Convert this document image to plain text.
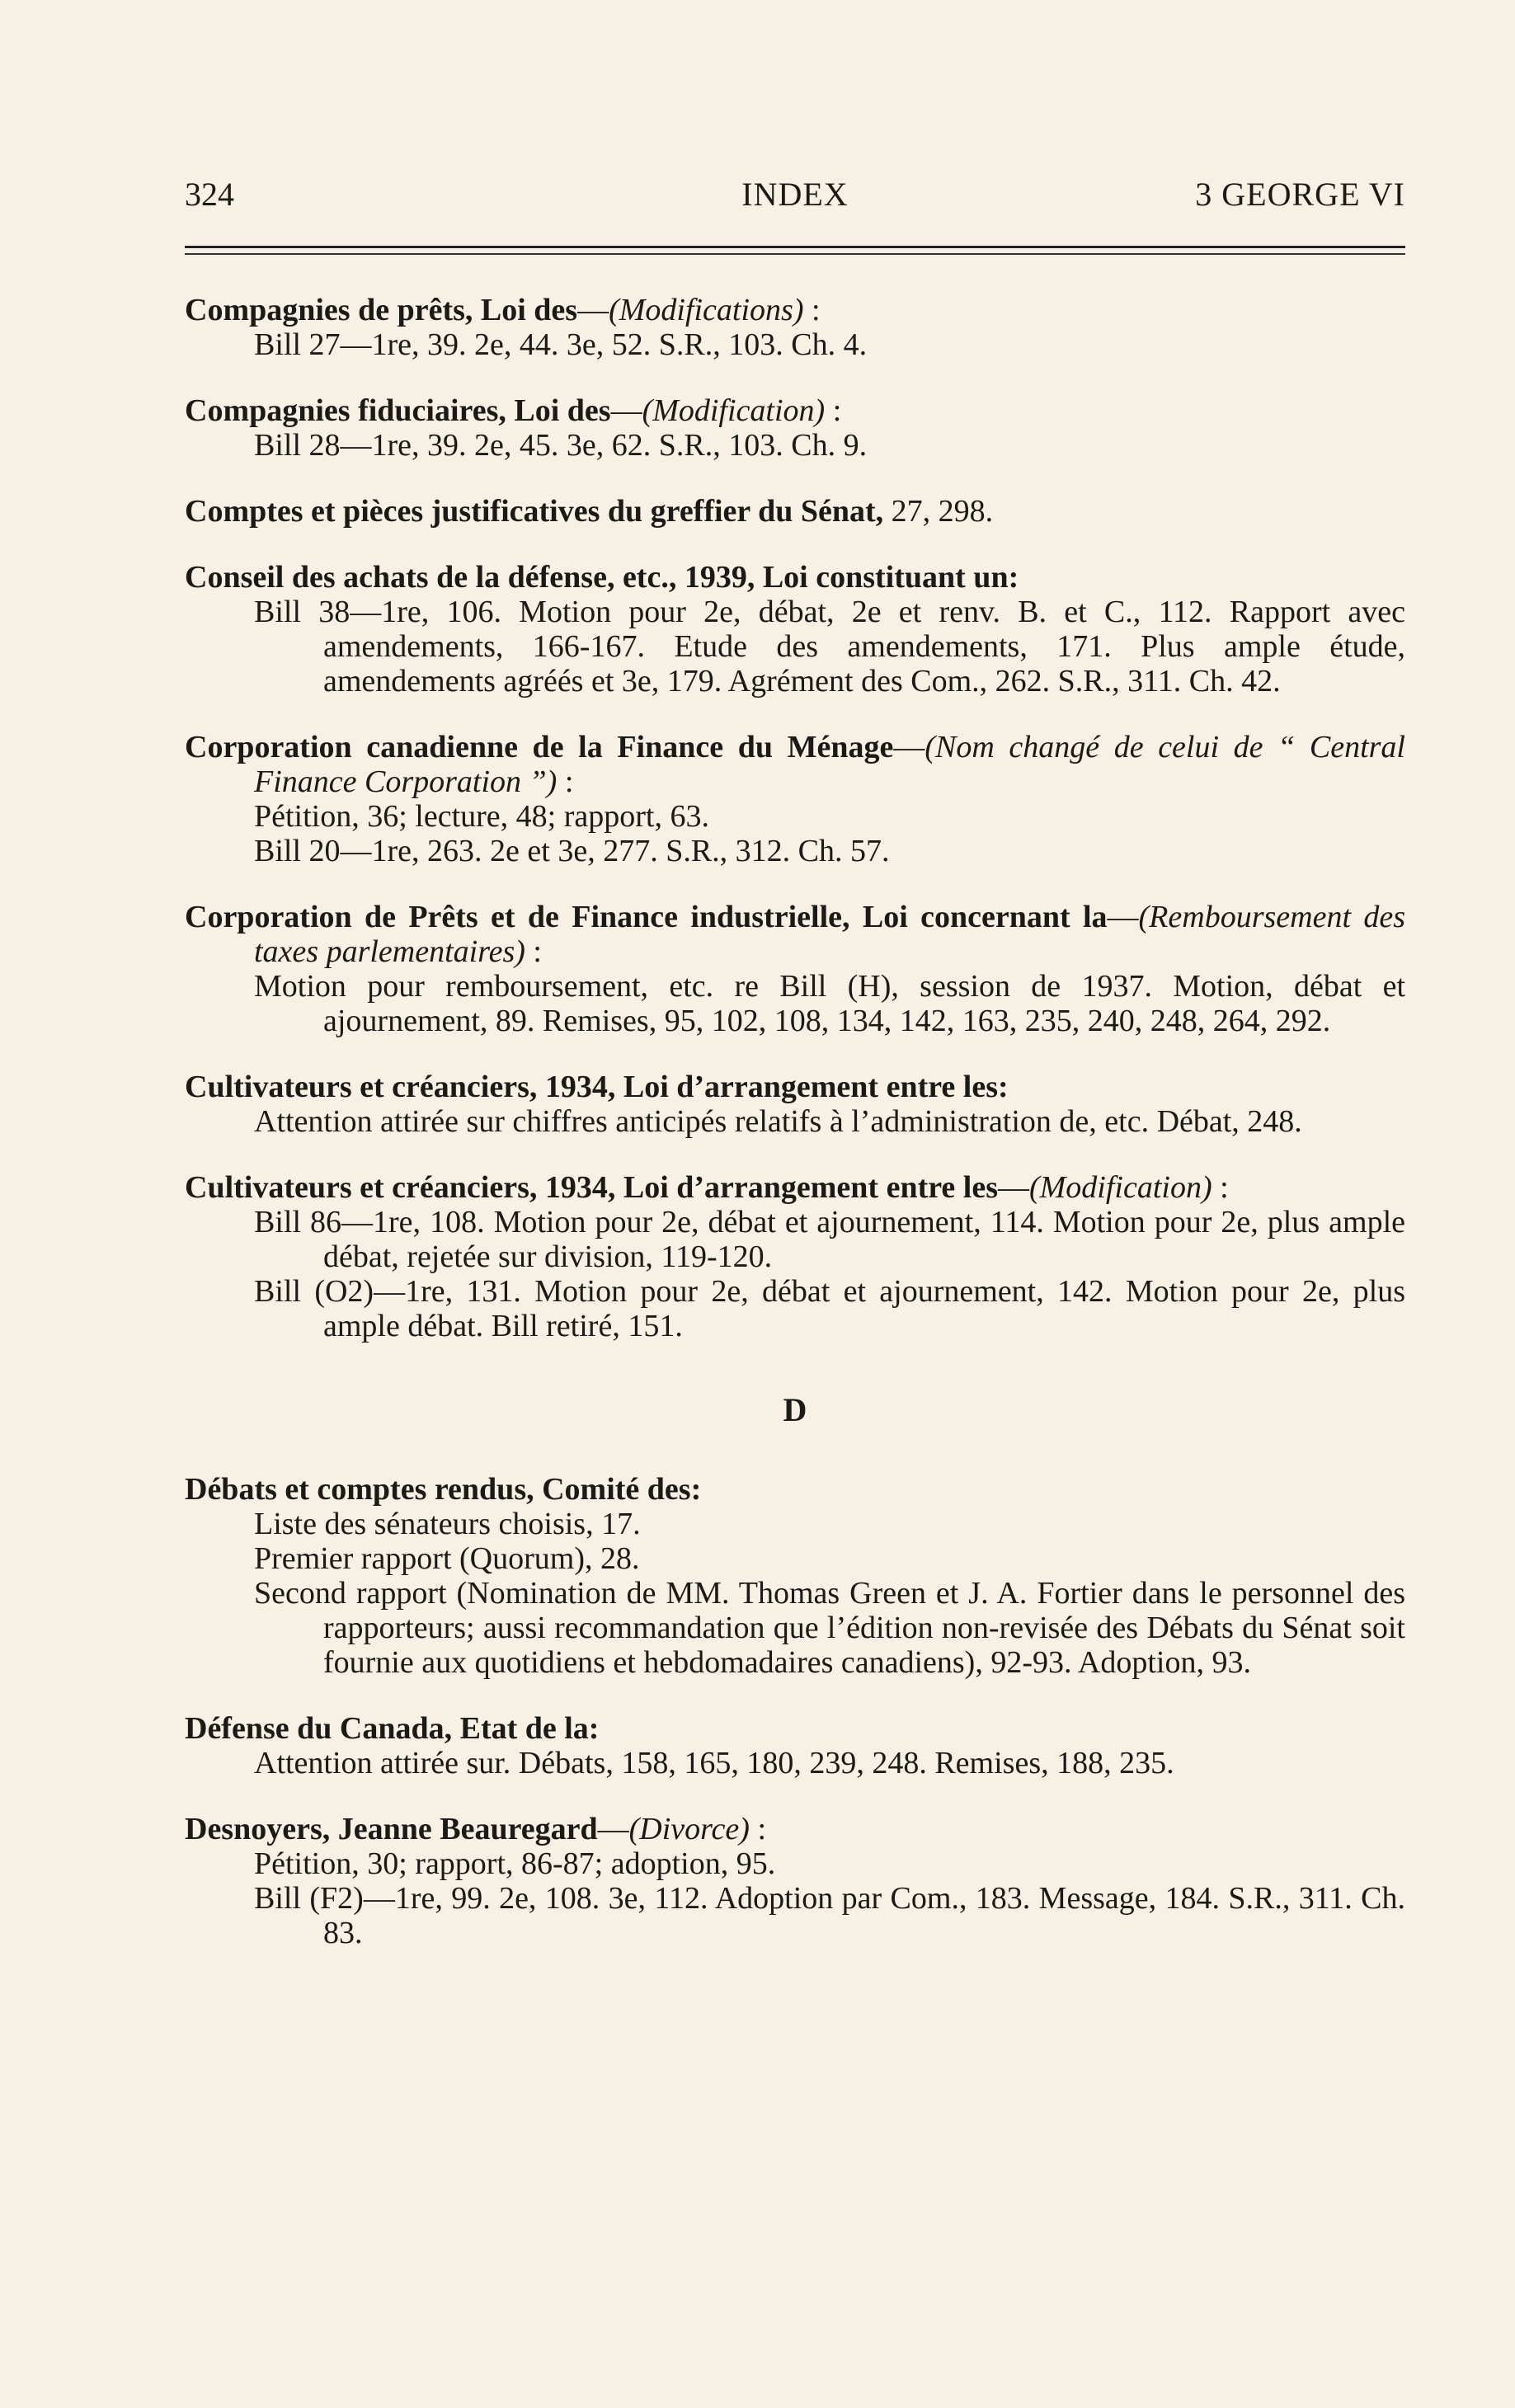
324	INDEX	3 GEORGE VI

Compagnies de prêts, Loi des—(Modifications) :

Bill 27—1re, 39. 2e, 44. 3e, 52. S.R., 103. Ch. 4.

Compagnies fiduciaires, Loi des—(Modification) :

Bill 28—1re, 39. 2e, 45. 3e, 62. S.R., 103. Ch. 9.

Comptes et pièces justificatives du greffier du Sénat, 27, 298.

Conseil des achats de la défense, etc., 1939, Loi constituant un:

Bill 38—1re, 106. Motion pour 2e, débat, 2e et renv. B. et C., 112. Rapport avec amendements, 166-167. Etude des amendements, 171. Plus ample étude, amendements agréés et 3e, 179. Agrément des Com., 262. S.R., 311. Ch. 42.

Corporation canadienne de la Finance du Ménage—(Nom changé de celui de “ Central Finance Corporation ”) :

Pétition, 36; lecture, 48; rapport, 63.

Bill 20—1re, 263. 2e et 3e, 277. S.R., 312. Ch. 57.

Corporation de Prêts et de Finance industrielle, Loi concernant la—(Remboursement des taxes parlementaires) :

Motion pour remboursement, etc. re Bill (H), session de 1937. Motion, débat et ajournement, 89. Remises, 95, 102, 108, 134, 142, 163, 235, 240, 248, 264, 292.

Cultivateurs et créanciers, 1934, Loi d’arrangement entre les:

Attention attirée sur chiffres anticipés relatifs à l’administration de, etc. Débat, 248.

Cultivateurs et créanciers, 1934, Loi d’arrangement entre les—(Modification) :

Bill 86—1re, 108. Motion pour 2e, débat et ajournement, 114. Motion pour 2e, plus ample débat, rejetée sur division, 119-120.

Bill (O2)—1re, 131. Motion pour 2e, débat et ajournement, 142. Motion pour 2e, plus ample débat. Bill retiré, 151.

D

Débats et comptes rendus, Comité des:

Liste des sénateurs choisis, 17.

Premier rapport (Quorum), 28.

Second rapport (Nomination de MM. Thomas Green et J. A. Fortier dans le personnel des rapporteurs; aussi recommandation que l’édition non-revisée des Débats du Sénat soit fournie aux quotidiens et hebdomadaires canadiens), 92-93. Adoption, 93.

Défense du Canada, Etat de la:

Attention attirée sur. Débats, 158, 165, 180, 239, 248. Remises, 188, 235.

Desnoyers, Jeanne Beauregard—(Divorce) :

Pétition, 30; rapport, 86-87; adoption, 95.

Bill (F2)—1re, 99. 2e, 108. 3e, 112. Adoption par Com., 183. Message, 184. S.R., 311. Ch. 83.
